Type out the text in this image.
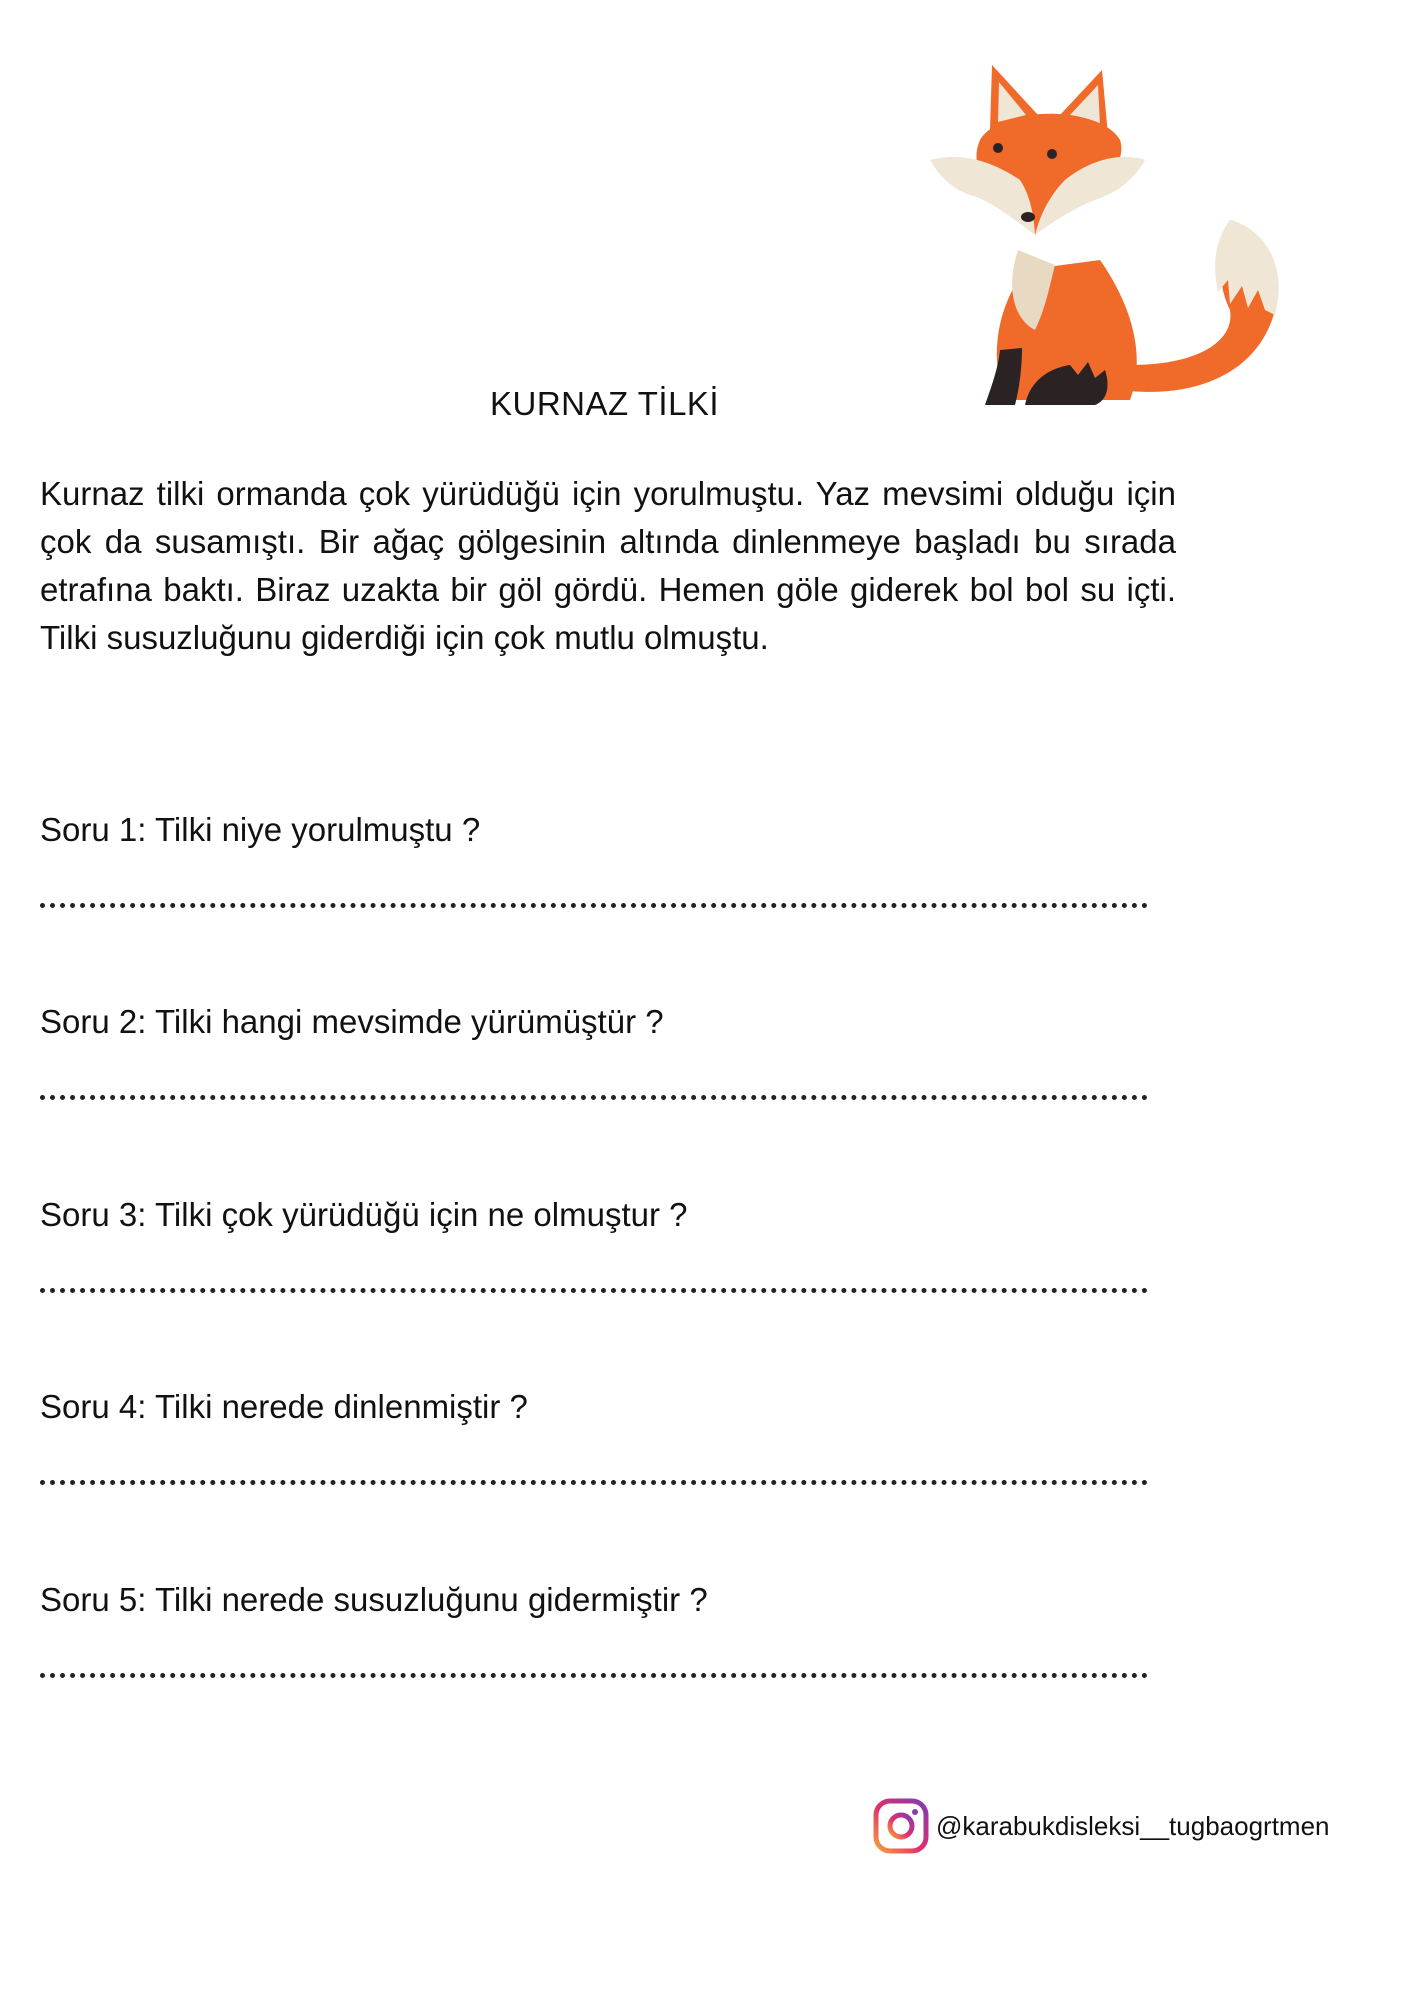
KURNAZ TİLKİ

Kurnaz tilki ormanda çok yürüdüğü için yorulmuştu. Yaz mevsimi olduğu için çok da susamıştı. Bir ağaç gölgesinin altında dinlenmeye başladı bu sırada etrafına baktı. Biraz uzakta bir göl gördü. Hemen göle giderek bol bol su içti. Tilki susuzluğunu giderdiği için çok mutlu olmuştu.

Soru 1: Tilki niye yorulmuştu ?
Soru 2: Tilki hangi mevsimde yürümüştür ?
Soru 3: Tilki çok yürüdüğü için ne olmuştur ?
Soru 4: Tilki nerede dinlenmiştir ?
Soru 5: Tilki nerede susuzluğunu gidermiştir ?
@karabukdisleksi__tugbaogrtmen
